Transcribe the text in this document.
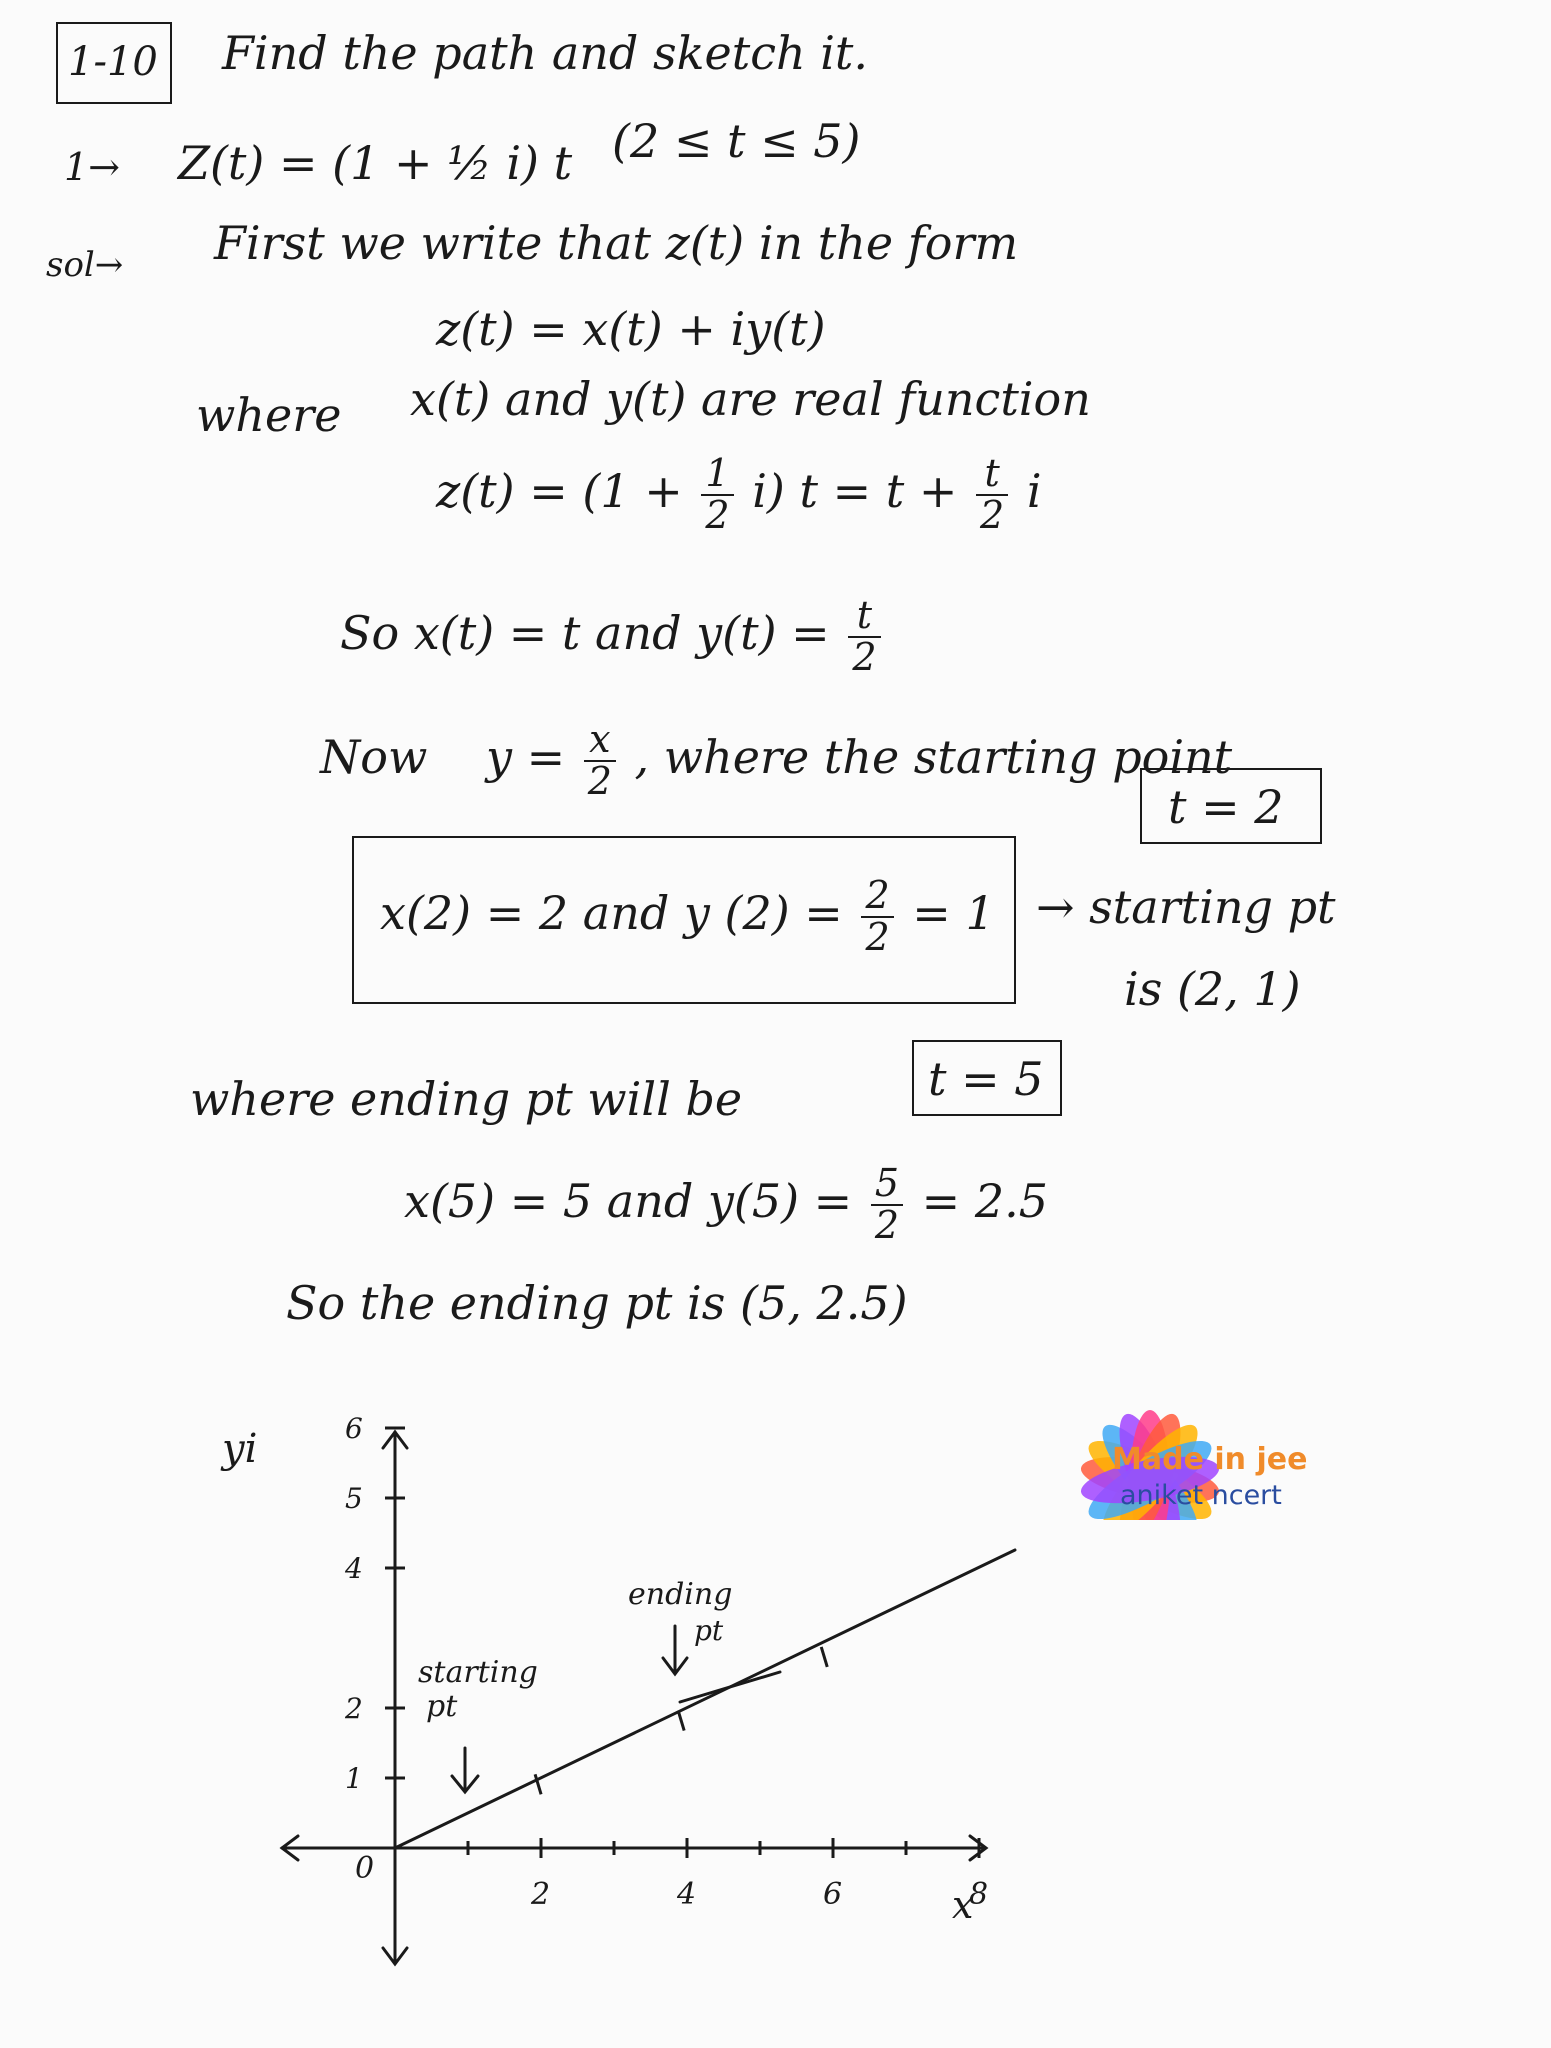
1-10 Find the path and sketch it.
1→ Z(t) = (1 + ½ i) t (2 ≤ t ≤ 5)
sol→ First we write that z(t) in the form
z(t) = x(t) + iy(t)
where x(t) and y(t) are real function
$z(t) = (1 + \frac{1}{2} i)$ $t = t + \frac{t}{2}$ i
So x(t) = t and $y(t) = \frac{t}{2}$
Now $y = \frac{x}{2}$ , where the starting point
t = 2
x(2) = 2 and y $(2) = \frac{2}{2} = 1$ → starting pt
is (2, 1)
where ending pt will be	t = 5
x(5) = 5 and $y(5) = \frac{5}{2} = 2.5$
So the ending pt is (5, 2.5)
2	4	6	8
1
2
4
5
6
0
yi
x
starting
pt
ending
pt
Made in jee
aniket ncert
